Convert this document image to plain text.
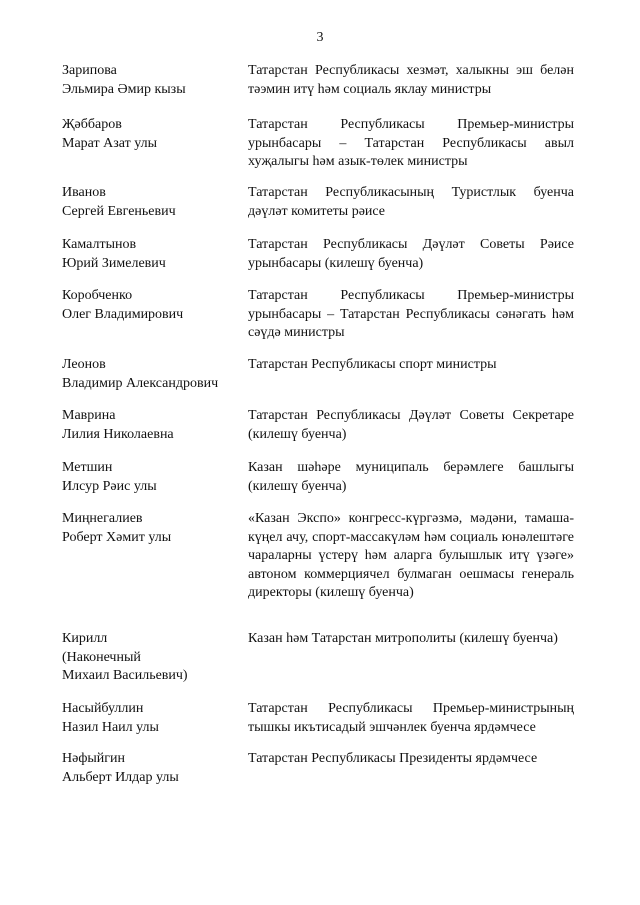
3
Зарипова
Эльмира Әмир кызы
Татарстан Республикасы хезмәт, халыкны эш белән тәэмин итү һәм социаль яклау министры
Җәббаров
Марат Азат улы
Татарстан Республикасы Премьер-министры урынбасары – Татарстан Республикасы авыл хуҗалыгы һәм азык-төлек министры
Иванов
Сергей Евгеньевич
Татарстан Республикасының Туристлык буенча дәүләт комитеты рәисе
Камалтынов
Юрий Зимелевич
Татарстан Республикасы Дәүләт Советы Рәисе урынбасары (килешү буенча)
Коробченко
Олег Владимирович
Татарстан Республикасы Премьер-министры урынбасары – Татарстан Республикасы сәнәгать һәм сәүдә министры
Леонов
Владимир Александрович
Татарстан Республикасы спорт министры
Маврина
Лилия Николаевна
Татарстан Республикасы Дәүләт Советы Секретаре (килешү буенча)
Метшин
Илсур Рәис улы
Казан шәһәре муниципаль берәмлеге башлыгы (килешү буенча)
Миңнегалиев
Роберт Хәмит улы
«Казан Экспо» конгресс-күргәзмә, мәдәни, тамаша-күңел ачу, спорт-массакүләм һәм социаль юнәлештәге чараларны үстерү һәм аларга булышлык итү үзәге» автоном коммерциячел булмаган оешмасы генераль директоры (килешү буенча)
Кирилл
(Наконечный
Михаил Васильевич)
Казан һәм Татарстан митрополиты (килешү буенча)
Насыйбуллин
Назил Наил улы
Татарстан Республикасы Премьер-министрының тышкы икътисадый эшчәнлек буенча ярдәмчесе
Нәфыйгин
Альберт Илдар улы
Татарстан Республикасы Президенты ярдәмчесе
